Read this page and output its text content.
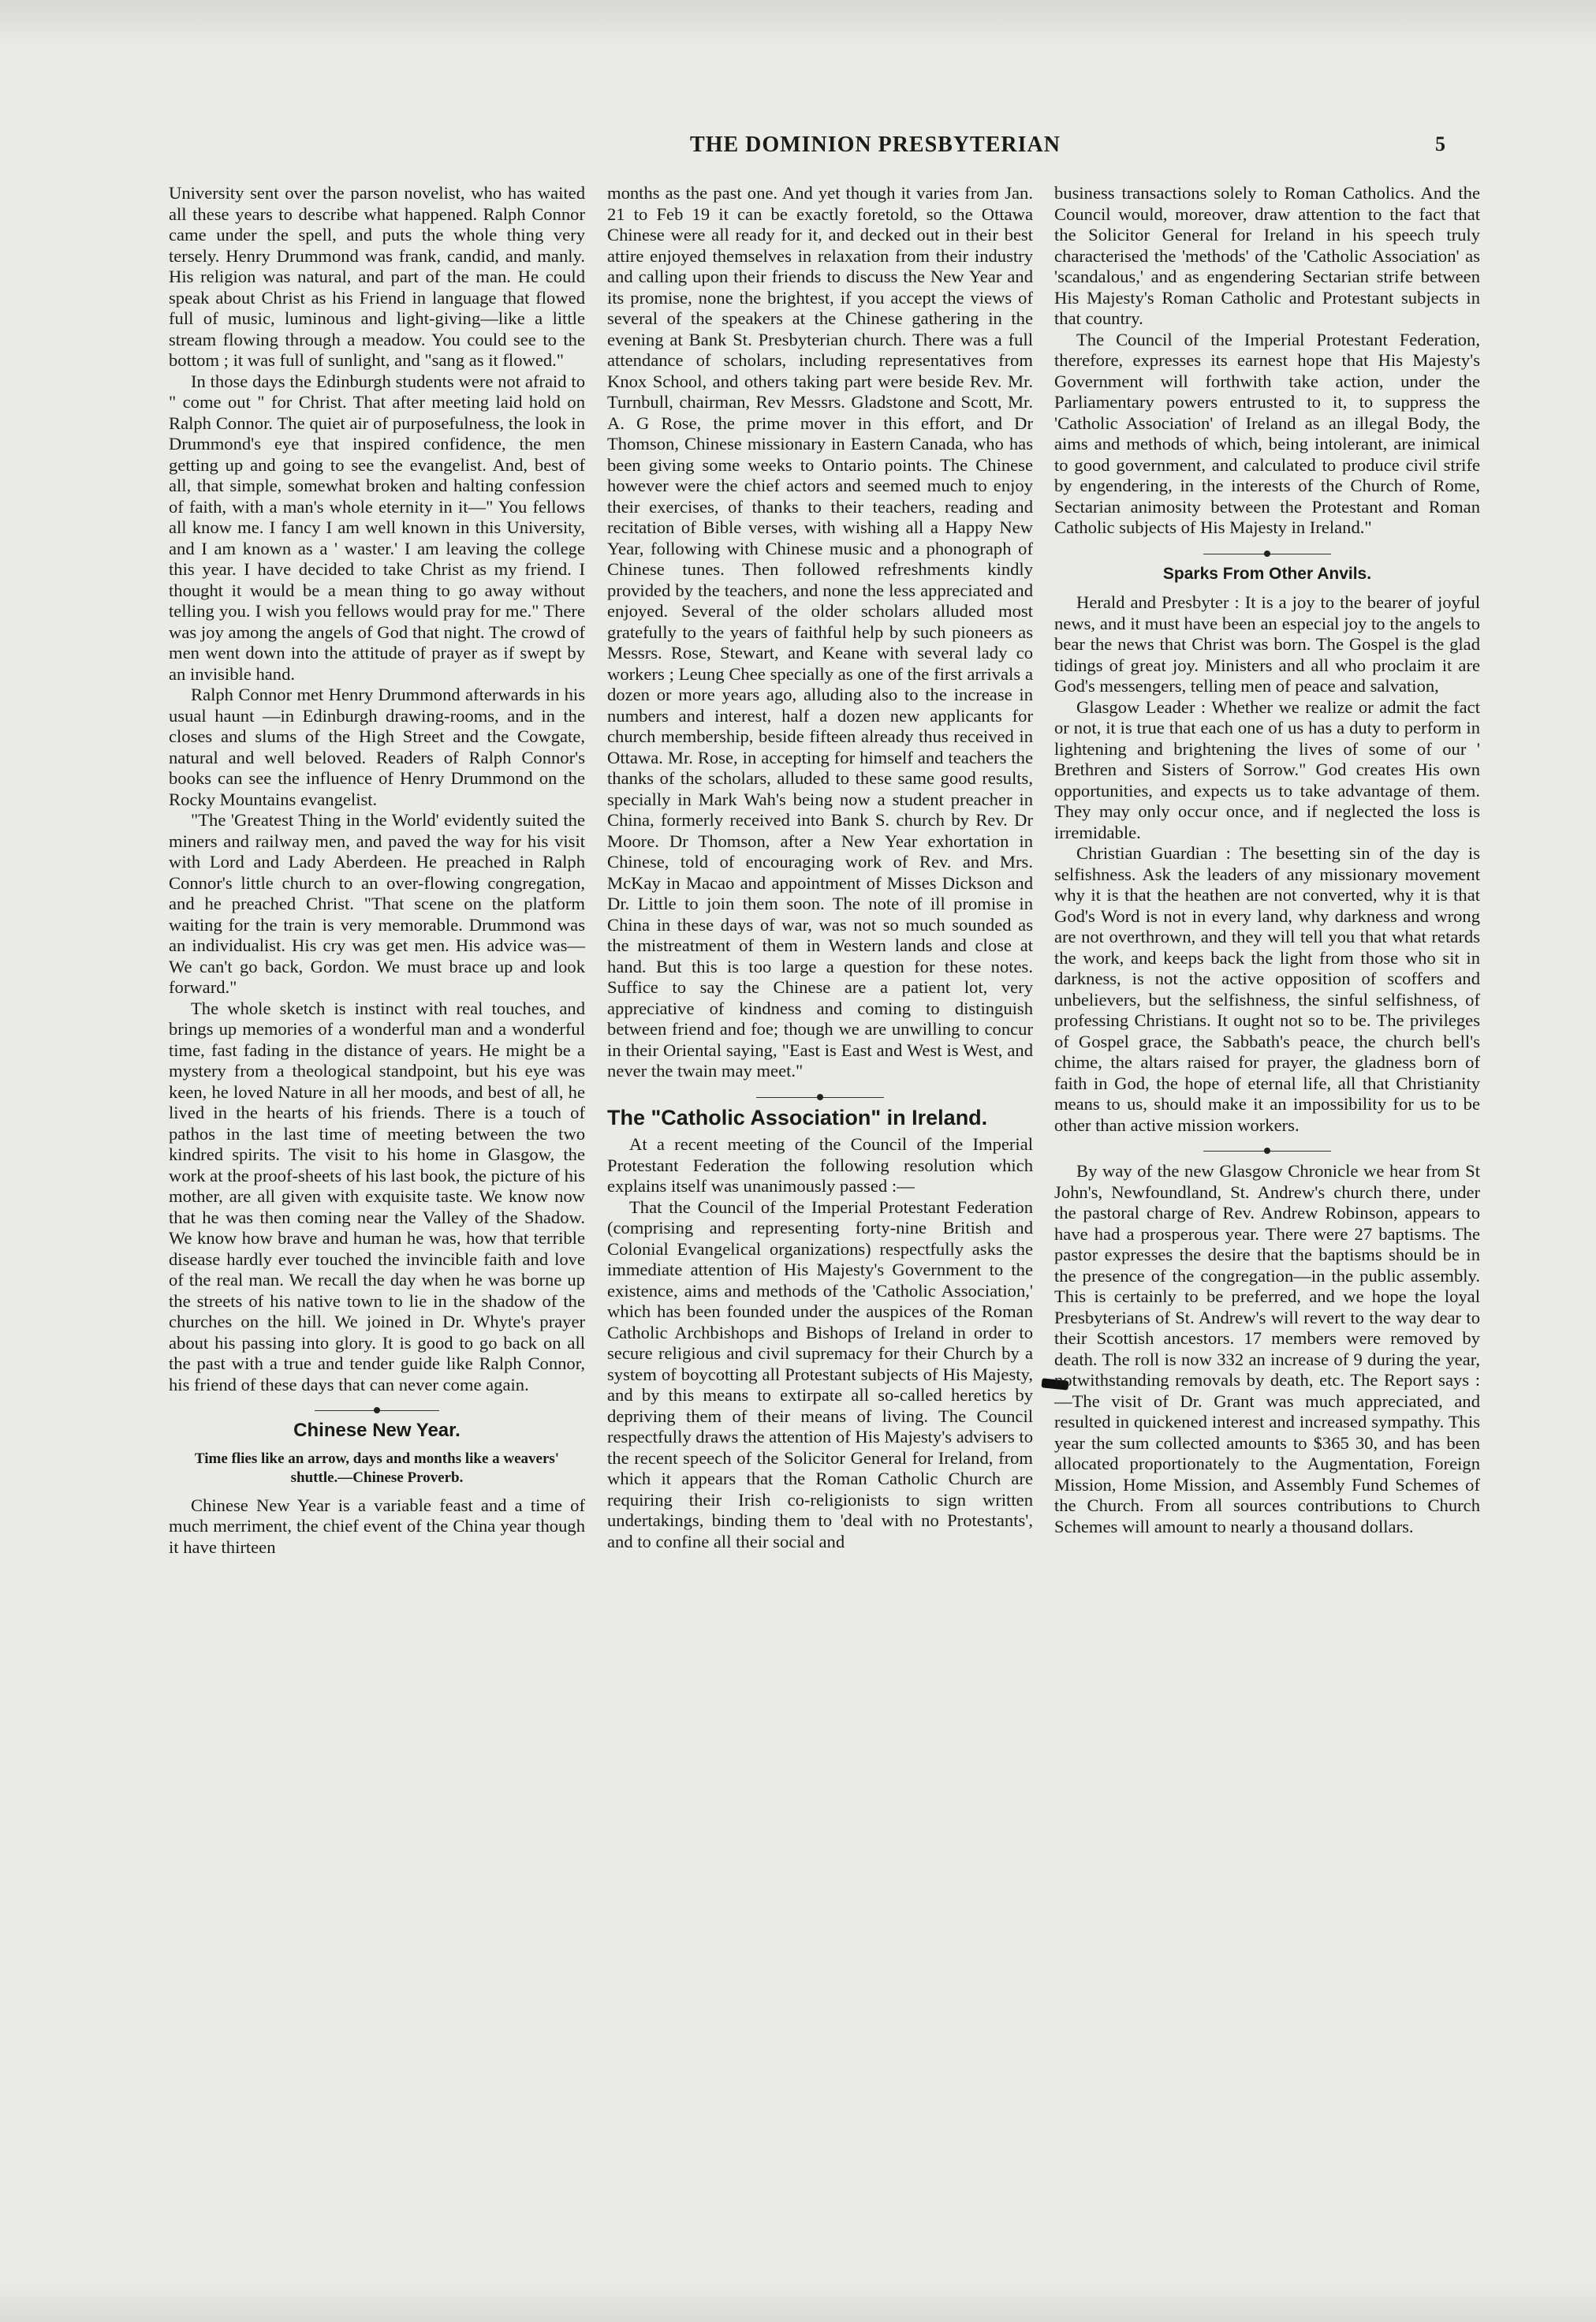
THE DOMINION PRESBYTERIAN	5

University sent over the parson novelist, who has waited all these years to describe what happened. Ralph Connor came under the spell, and puts the whole thing very tersely. Henry Drummond was frank, candid, and manly. His religion was natural, and part of the man. He could speak about Christ as his Friend in language that flowed full of music, luminous and light-giving—like a little stream flowing through a meadow. You could see to the bottom ; it was full of sunlight, and "sang as it flowed."

In those days the Edinburgh students were not afraid to " come out " for Christ. That after meeting laid hold on Ralph Connor. The quiet air of purposefulness, the look in Drummond's eye that inspired confidence, the men getting up and going to see the evangelist. And, best of all, that simple, somewhat broken and halting confession of faith, with a man's whole eternity in it—" You fellows all know me. I fancy I am well known in this University, and I am known as a ' waster.' I am leaving the college this year. I have decided to take Christ as my friend. I thought it would be a mean thing to go away without telling you. I wish you fellows would pray for me." There was joy among the angels of God that night. The crowd of men went down into the attitude of prayer as if swept by an invisible hand.

Ralph Connor met Henry Drummond afterwards in his usual haunt —in Edinburgh drawing-rooms, and in the closes and slums of the High Street and the Cowgate, natural and well beloved. Readers of Ralph Connor's books can see the influence of Henry Drummond on the Rocky Mountains evangelist.

"The 'Greatest Thing in the World' evidently suited the miners and railway men, and paved the way for his visit with Lord and Lady Aberdeen. He preached in Ralph Connor's little church to an over-flowing congregation, and he preached Christ. "That scene on the platform waiting for the train is very memorable. Drummond was an individualist. His cry was get men. His advice was—We can't go back, Gordon. We must brace up and look forward."

The whole sketch is instinct with real touches, and brings up memories of a wonderful man and a wonderful time, fast fading in the distance of years. He might be a mystery from a theological standpoint, but his eye was keen, he loved Nature in all her moods, and best of all, he lived in the hearts of his friends. There is a touch of pathos in the last time of meeting between the two kindred spirits. The visit to his home in Glasgow, the work at the proof-sheets of his last book, the picture of his mother, are all given with exquisite taste. We know now that he was then coming near the Valley of the Shadow. We know how brave and human he was, how that terrible disease hardly ever touched the invincible faith and love of the real man. We recall the day when he was borne up the streets of his native town to lie in the shadow of the churches on the hill. We joined in Dr. Whyte's prayer about his passing into glory. It is good to go back on all the past with a true and tender guide like Ralph Connor, his friend of these days that can never come again.

Chinese New Year.
Time flies like an arrow, days and months like a weavers' shuttle.—Chinese Proverb.

Chinese New Year is a variable feast and a time of much merriment, the chief event of the China year though it have thirteen

months as the past one. And yet though it varies from Jan. 21 to Feb 19 it can be exactly foretold, so the Ottawa Chinese were all ready for it, and decked out in their best attire enjoyed themselves in relaxation from their industry and calling upon their friends to discuss the New Year and its promise, none the brightest, if you accept the views of several of the speakers at the Chinese gathering in the evening at Bank St. Presbyterian church. There was a full attendance of scholars, including representatives from Knox School, and others taking part were beside Rev. Mr. Turnbull, chairman, Rev Messrs. Gladstone and Scott, Mr. A. G Rose, the prime mover in this effort, and Dr Thomson, Chinese missionary in Eastern Canada, who has been giving some weeks to Ontario points. The Chinese however were the chief actors and seemed much to enjoy their exercises, of thanks to their teachers, reading and recitation of Bible verses, with wishing all a Happy New Year, following with Chinese music and a phonograph of Chinese tunes. Then followed refreshments kindly provided by the teachers, and none the less appreciated and enjoyed. Several of the older scholars alluded most gratefully to the years of faithful help by such pioneers as Messrs. Rose, Stewart, and Keane with several lady co workers ; Leung Chee specially as one of the first arrivals a dozen or more years ago, alluding also to the increase in numbers and interest, half a dozen new applicants for church membership, beside fifteen already thus received in Ottawa. Mr. Rose, in accepting for himself and teachers the thanks of the scholars, alluded to these same good results, specially in Mark Wah's being now a student preacher in China, formerly received into Bank S. church by Rev. Dr Moore. Dr Thomson, after a New Year exhortation in Chinese, told of encouraging work of Rev. and Mrs. McKay in Macao and appointment of Misses Dickson and Dr. Little to join them soon. The note of ill promise in China in these days of war, was not so much sounded as the mistreatment of them in Western lands and close at hand. But this is too large a question for these notes. Suffice to say the Chinese are a patient lot, very appreciative of kindness and coming to distinguish between friend and foe; though we are unwilling to concur in their Oriental saying, "East is East and West is West, and never the twain may meet."

The "Catholic Association" in Ireland.

At a recent meeting of the Council of the Imperial Protestant Federation the following resolution which explains itself was unanimously passed :—

That the Council of the Imperial Protestant Federation (comprising and representing forty-nine British and Colonial Evangelical organizations) respectfully asks the immediate attention of His Majesty's Government to the existence, aims and methods of the 'Catholic Association,' which has been founded under the auspices of the Roman Catholic Archbishops and Bishops of Ireland in order to secure religious and civil supremacy for their Church by a system of boycotting all Protestant subjects of His Majesty, and by this means to extirpate all so-called heretics by depriving them of their means of living. The Council respectfully draws the attention of His Majesty's advisers to the recent speech of the Solicitor General for Ireland, from which it appears that the Roman Catholic Church are requiring their Irish co-religionists to sign written undertakings, binding them to 'deal with no Protestants', and to confine all their social and

business transactions solely to Roman Catholics. And the Council would, moreover, draw attention to the fact that the Solicitor General for Ireland in his speech truly characterised the 'methods' of the 'Catholic Association' as 'scandalous,' and as engendering Sectarian strife between His Majesty's Roman Catholic and Protestant subjects in that country.

The Council of the Imperial Protestant Federation, therefore, expresses its earnest hope that His Majesty's Government will forthwith take action, under the Parliamentary powers entrusted to it, to suppress the 'Catholic Association' of Ireland as an illegal Body, the aims and methods of which, being intolerant, are inimical to good government, and calculated to produce civil strife by engendering, in the interests of the Church of Rome, Sectarian animosity between the Protestant and Roman Catholic subjects of His Majesty in Ireland."

Sparks From Other Anvils.

Herald and Presbyter : It is a joy to the bearer of joyful news, and it must have been an especial joy to the angels to bear the news that Christ was born. The Gospel is the glad tidings of great joy. Ministers and all who proclaim it are God's messengers, telling men of peace and salvation,

Glasgow Leader : Whether we realize or admit the fact or not, it is true that each one of us has a duty to perform in lightening and brightening the lives of some of our ' Brethren and Sisters of Sorrow." God creates His own opportunities, and expects us to take advantage of them. They may only occur once, and if neglected the loss is irremidable.

Christian Guardian : The besetting sin of the day is selfishness. Ask the leaders of any missionary movement why it is that the heathen are not converted, why it is that God's Word is not in every land, why darkness and wrong are not overthrown, and they will tell you that what retards the work, and keeps back the light from those who sit in darkness, is not the active opposition of scoffers and unbelievers, but the selfishness, the sinful selfishness, of professing Christians. It ought not so to be. The privileges of Gospel grace, the Sabbath's peace, the church bell's chime, the altars raised for prayer, the gladness born of faith in God, the hope of eternal life, all that Christianity means to us, should make it an impossibility for us to be other than active mission workers.

By way of the new Glasgow Chronicle we hear from St John's, Newfoundland, St. Andrew's church there, under the pastoral charge of Rev. Andrew Robinson, appears to have had a prosperous year. There were 27 baptisms. The pastor expresses the desire that the baptisms should be in the presence of the congregation—in the public assembly. This is certainly to be preferred, and we hope the loyal Presbyterians of St. Andrew's will revert to the way dear to their Scottish ancestors. 17 members were removed by death. The roll is now 332 an increase of 9 during the year, notwithstanding removals by death, etc. The Report says :—The visit of Dr. Grant was much appreciated, and resulted in quickened interest and increased sympathy. This year the sum collected amounts to $365 30, and has been allocated proportionately to the Augmentation, Foreign Mission, Home Mission, and Assembly Fund Schemes of the Church. From all sources contributions to Church Schemes will amount to nearly a thousand dollars.
